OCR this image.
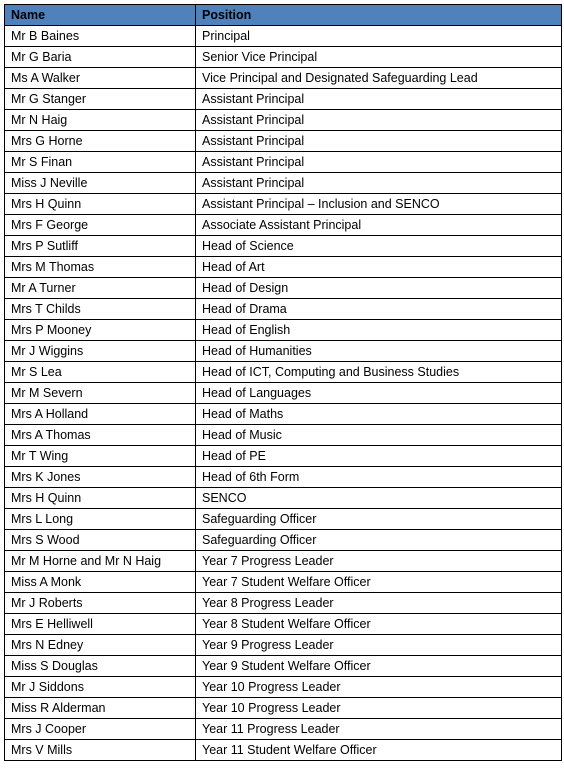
Name	Position
Mr B Baines	Principal
Mr G Baria	Senior Vice Principal
Ms A Walker	Vice Principal and Designated Safeguarding Lead
Mr G Stanger	Assistant Principal
Mr N Haig	Assistant Principal
Mrs G Horne	Assistant Principal
Mr S Finan	Assistant Principal
Miss J Neville	Assistant Principal
Mrs H Quinn	Assistant Principal – Inclusion and SENCO
Mrs F George	Associate Assistant Principal
Mrs P Sutliff	Head of Science
Mrs M Thomas	Head of Art
Mr A Turner	Head of Design
Mrs T Childs	Head of Drama
Mrs P Mooney	Head of English
Mr J Wiggins	Head of Humanities
Mr S Lea	Head of ICT, Computing and Business Studies
Mr M Severn	Head of Languages
Mrs A Holland	Head of Maths
Mrs A Thomas	Head of Music
Mr T Wing	Head of PE
Mrs K Jones	Head of 6th Form
Mrs H Quinn	SENCO
Mrs L Long	Safeguarding Officer
Mrs S Wood	Safeguarding Officer
Mr M Horne and Mr N Haig	Year 7 Progress Leader
Miss A Monk	Year 7 Student Welfare Officer
Mr J Roberts	Year 8 Progress Leader
Mrs E Helliwell	Year 8 Student Welfare Officer
Mrs N Edney	Year 9 Progress Leader
Miss S Douglas	Year 9 Student Welfare Officer
Mr J Siddons	Year 10 Progress Leader
Miss R Alderman	Year 10 Progress Leader
Mrs J Cooper	Year 11 Progress Leader
Mrs V Mills	Year 11 Student Welfare Officer
